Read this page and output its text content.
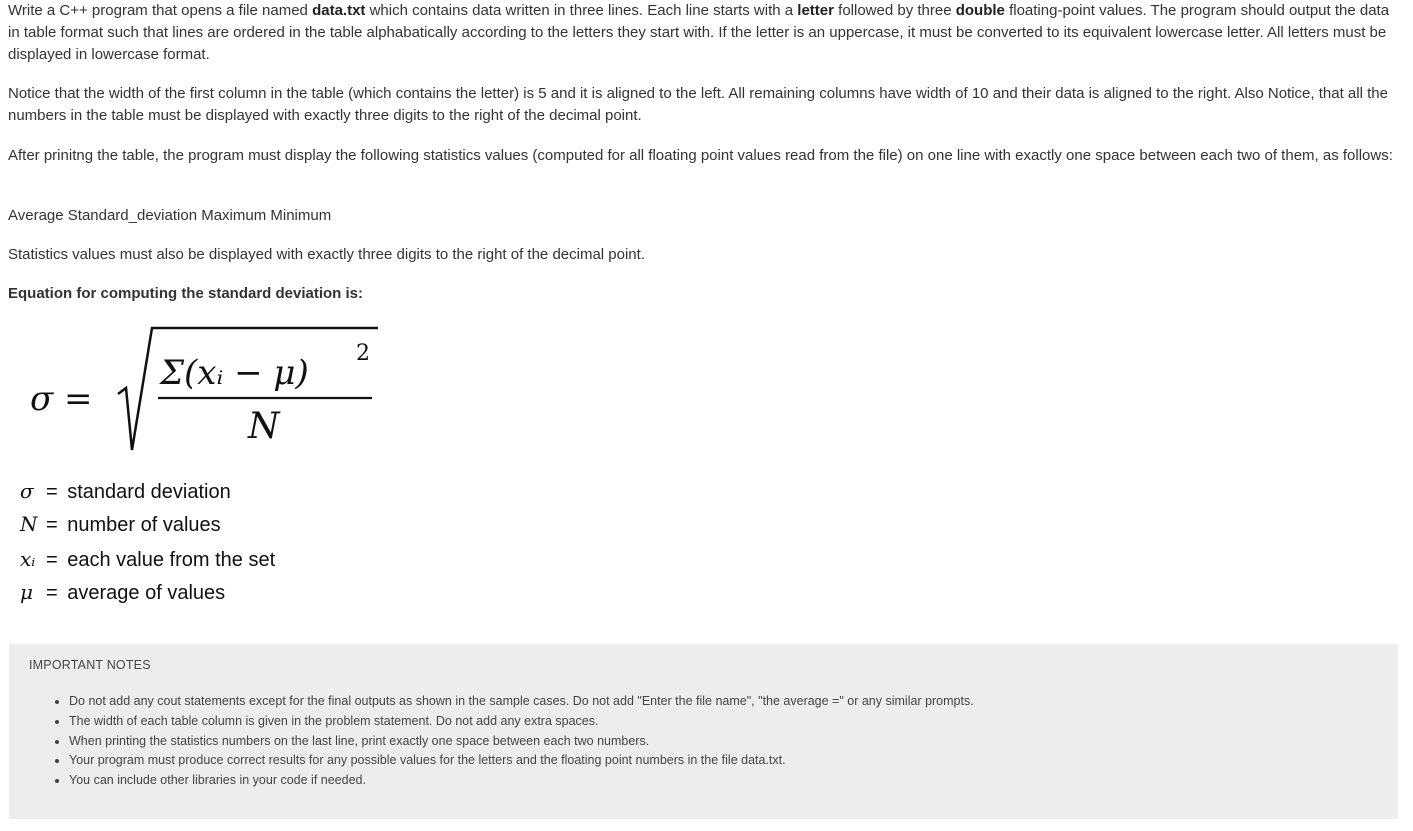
Write a C++ program that opens a file named data.txt which contains data written in three lines. Each line starts with a letter followed by three double floating-point values. The program should output the data in table format such that lines are ordered in the table alphabatically according to the letters they start with. If the letter is an uppercase, it must be converted to its equivalent lowercase letter. All letters must be displayed in lowercase format.

Notice that the width of the first column in the table (which contains the letter) is 5 and it is aligned to the left. All remaining columns have width of 10 and their data is aligned to the right. Also Notice, that all the numbers in the table must be displayed with exactly three digits to the right of the decimal point.

After prinitng the table, the program must display the following statistics values (computed for all floating point values read from the file) on one line with exactly one space between each two of them, as follows:

Average Standard_deviation Maximum Minimum

Statistics values must also be displayed with exactly three digits to the right of the decimal point.

Equation for computing the standard deviation is:

σ =
Σ(xᵢ − μ) 2
N
σ = standard deviation
N = number of values
xᵢ = each value from the set
μ = average of values
IMPORTANT NOTES
• Do not add any cout statements except for the final outputs as shown in the sample cases. Do not add "Enter the file name", "the average =" or any similar prompts.
• The width of each table column is given in the problem statement. Do not add any extra spaces.
• When printing the statistics numbers on the last line, print exactly one space between each two numbers.
• Your program must produce correct results for any possible values for the letters and the floating point numbers in the file data.txt.
• You can include other libraries in your code if needed.
